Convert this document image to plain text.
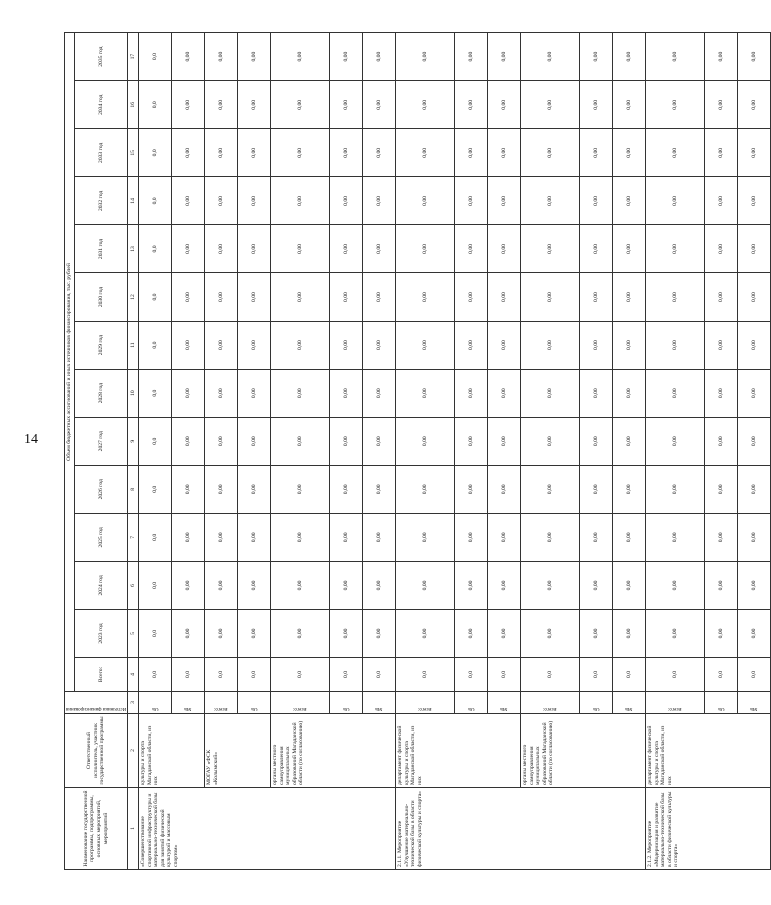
14
Наименование государственной программы, подпрограммы, основных мероприятий, мероприятий	Ответственный исполнитель, участник государственной программы	Источники финансирования	Объем бюджетных ассигнований и иных источников финансирования, тыс. рублей													
			Всего:	2023 год	2024 год	2025 год	2026 год	2027 год	2028 год	2029 год	2030 год	2031 год	2032 год	2033 год	2034 год	2035 год
1	2	3	4	5	6	7	8	9	10	11	12	13	14	15	16	17
«Совершенствование спортивной инфраструктуры и материально-технической базы для занятий физической культурой и массовым спортом»	культуры и спорта Магаданской области, из них	ОБ	0,0	0,0	0,0	0,0	0,0	0,0	0,0	0,0	0,0	0,0	0,0	0,0	0,0	0,0

		МБ	0,0	0,00	0,00	0,00	0,00	0,00	0,00	0,00	0,00	0,00	0,00	0,00	0,00	0,00
	МОГАУ «ФСК «Колымский»	Всего:	0,0	0,00	0,00	0,00	0,00	0,00	0,00	0,00	0,00	0,00	0,00	0,00	0,00	0,00

		ОБ	0,0	0,00	0,00	0,00	0,00	0,00	0,00	0,00	0,00	0,00	0,00	0,00	0,00	0,00
	органы местного самоуправления муниципальных образований Магаданской области (по согласованию)	Всего:	0,0	0,00	0,00	0,00	0,00	0,00	0,00	0,00	0,00	0,00	0,00	0,00	0,00	0,00

		ОБ	0,0	0,00	0,00	0,00	0,00	0,00	0,00	0,00	0,00	0,00	0,00	0,00	0,00	0,00

		МБ	0,0	0,00	0,00	0,00	0,00	0,00	0,00	0,00	0,00	0,00	0,00	0,00	0,00	0,00
2.1.1. Мероприятие «Улучшение материально-технической базы в области физической культуры и спорта»	департамент физической культуры и спорта Магаданской области, из них	Всего:	0,0	0,00	0,00	0,00	0,00	0,00	0,00	0,00	0,00	0,00	0,00	0,00	0,00	0,00

		ОБ	0,0	0,00	0,00	0,00	0,00	0,00	0,00	0,00	0,00	0,00	0,00	0,00	0,00	0,00

		МБ	0,0	0,00	0,00	0,00	0,00	0,00	0,00	0,00	0,00	0,00	0,00	0,00	0,00	0,00
	органы местного самоуправления муниципальных образований Магаданской области (по согласованию)	Всего:	0,0	0,00	0,00	0,00	0,00	0,00	0,00	0,00	0,00	0,00	0,00	0,00	0,00	0,00

		ОБ	0,0	0,00	0,00	0,00	0,00	0,00	0,00	0,00	0,00	0,00	0,00	0,00	0,00	0,00

		МБ	0,0	0,00	0,00	0,00	0,00	0,00	0,00	0,00	0,00	0,00	0,00	0,00	0,00	0,00
2.1.2. Мероприятие «Модернизация и развитие материально-технической базы в области физической культуры и спорта»	департамент физической культуры и спорта Магаданской области, из них	Всего:	0,0	0,00	0,00	0,00	0,00	0,00	0,00	0,00	0,00	0,00	0,00	0,00	0,00	0,00

		ОБ	0,0	0,00	0,00	0,00	0,00	0,00	0,00	0,00	0,00	0,00	0,00	0,00	0,00	0,00

		МБ	0,0	0,00	0,00	0,00	0,00	0,00	0,00	0,00	0,00	0,00	0,00	0,00	0,00	0,00
